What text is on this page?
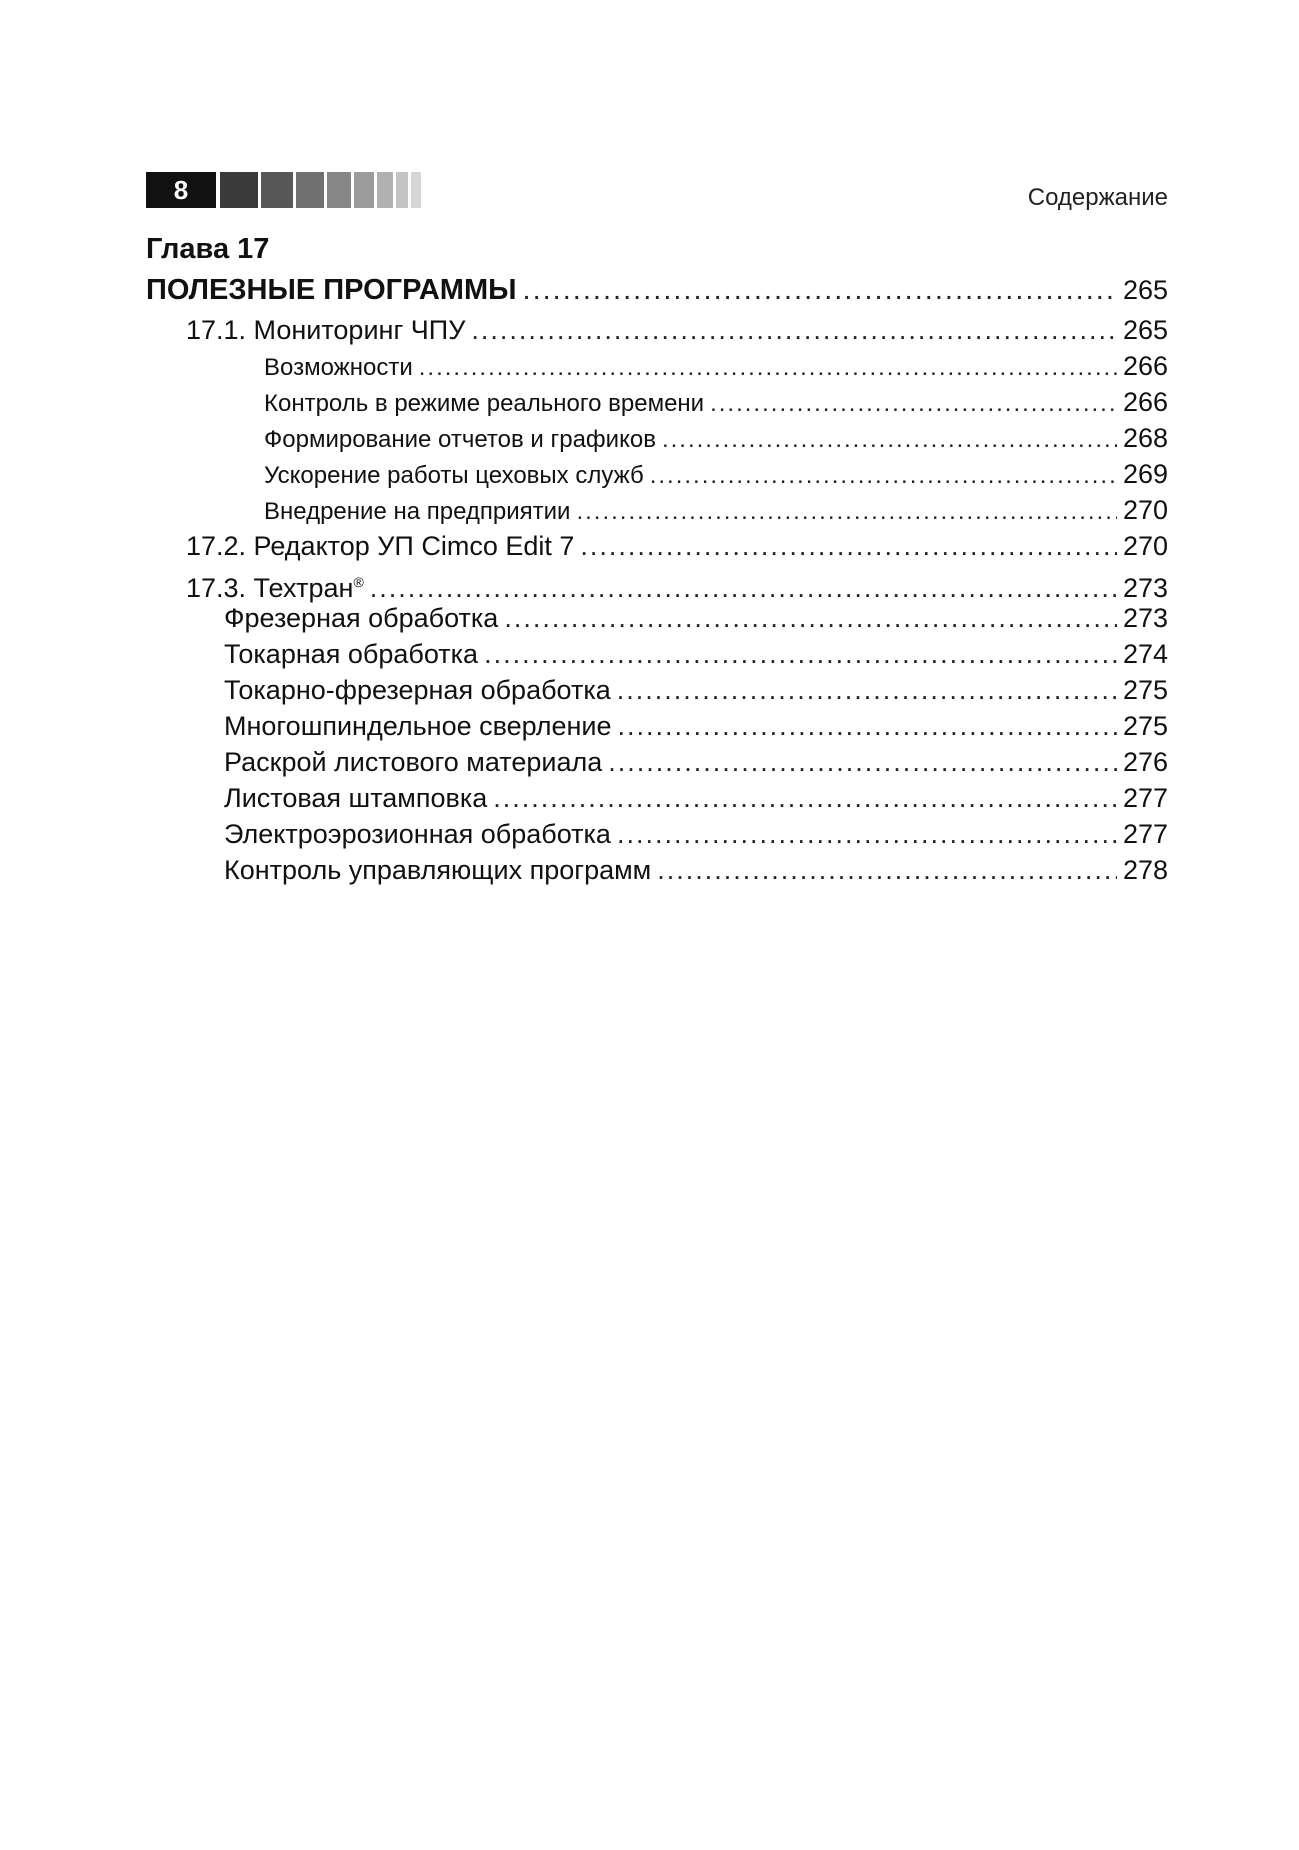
8	Содержание
Глава 17
ПОЛЕЗНЫЕ ПРОГРАММЫ .....	265
17.1. Мониторинг ЧПУ .....	265
Возможности .....	266
Контроль в режиме реального времени .....	266
Формирование отчетов и графиков .....	268
Ускорение работы цеховых служб .....	269
Внедрение на предприятии .....	270
17.2. Редактор УП Cimco Edit 7 .....	270
17.3. Техтран® .....	273
Фрезерная обработка .....	273
Токарная обработка .....	274
Токарно-фрезерная обработка .....	275
Многошпиндельное сверление .....	275
Раскрой листового материала .....	276
Листовая штамповка .....	277
Электроэрозионная обработка .....	277
Контроль управляющих программ .....	278
